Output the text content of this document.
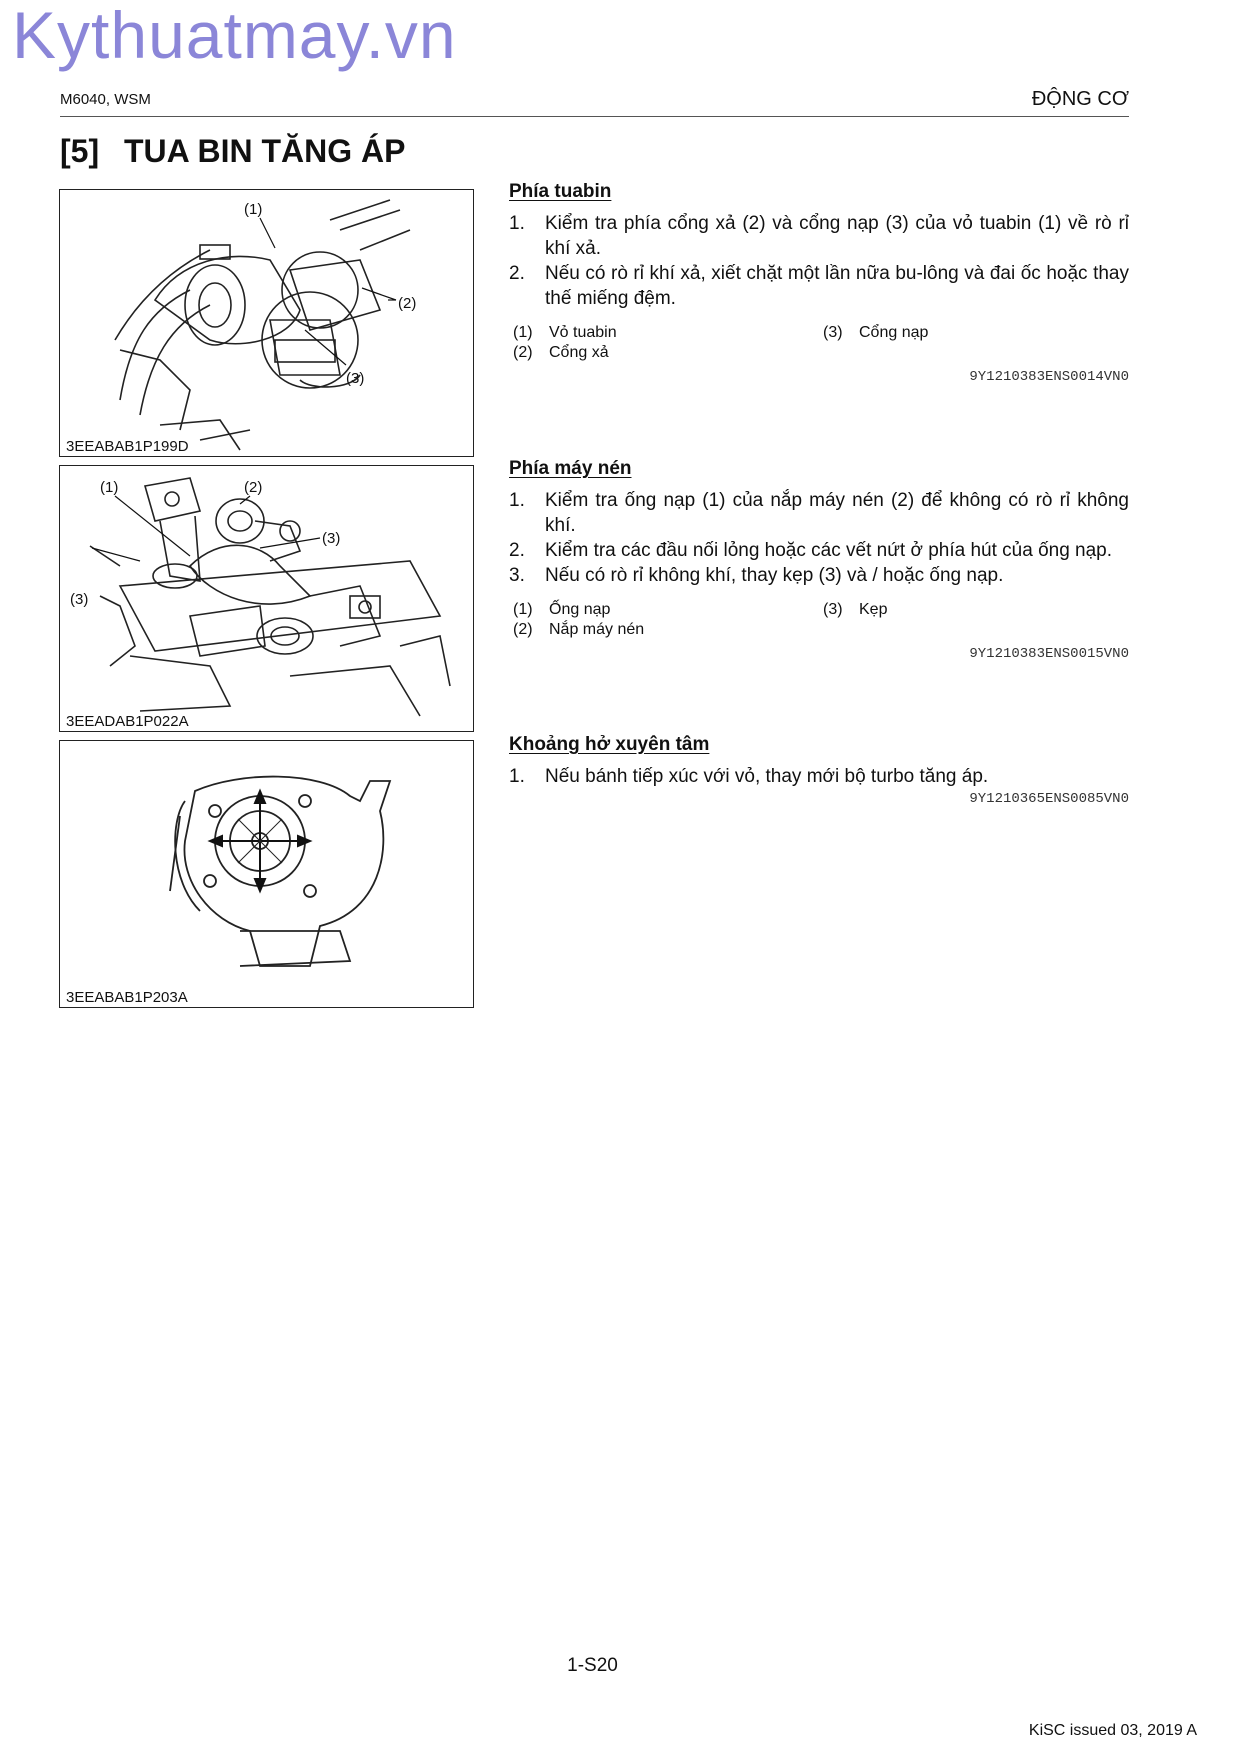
Kythuatmay.vn
M6040, WSM	ĐỘNG CƠ
[5] TUA BIN TĂNG ÁP
(1)
(2)
(3)
3EEABAB1P199D
(1)	(2)
(3)
(3)
3EEADAB1P022A
3EEABAB1P203A
Phía tuabin
1. Kiểm tra phía cổng xả (2) và cổng nạp (3) của vỏ tuabin (1) về rò rỉ khí xả.
2. Nếu có rò rỉ khí xả, xiết chặt một lần nữa bu-lông và đai ốc hoặc thay thế miếng đệm.
(1) Vỏ tuabin	(3) Cổng nạp
(2) Cổng xả
9Y1210383ENS0014VN0
Phía máy nén
1. Kiểm tra ống nạp (1) của nắp máy nén (2) để không có rò rỉ không khí.
2. Kiểm tra các đầu nối lỏng hoặc các vết nứt ở phía hút của ống nạp.
3. Nếu có rò rỉ không khí, thay kẹp (3) và / hoặc ống nạp.
(1) Ống nạp	(3) Kẹp
(2) Nắp máy nén
9Y1210383ENS0015VN0
Khoảng hở xuyên tâm
1. Nếu bánh tiếp xúc với vỏ, thay mới bộ turbo tăng áp.
9Y1210365ENS0085VN0
1-S20
KiSC issued 03, 2019 A
